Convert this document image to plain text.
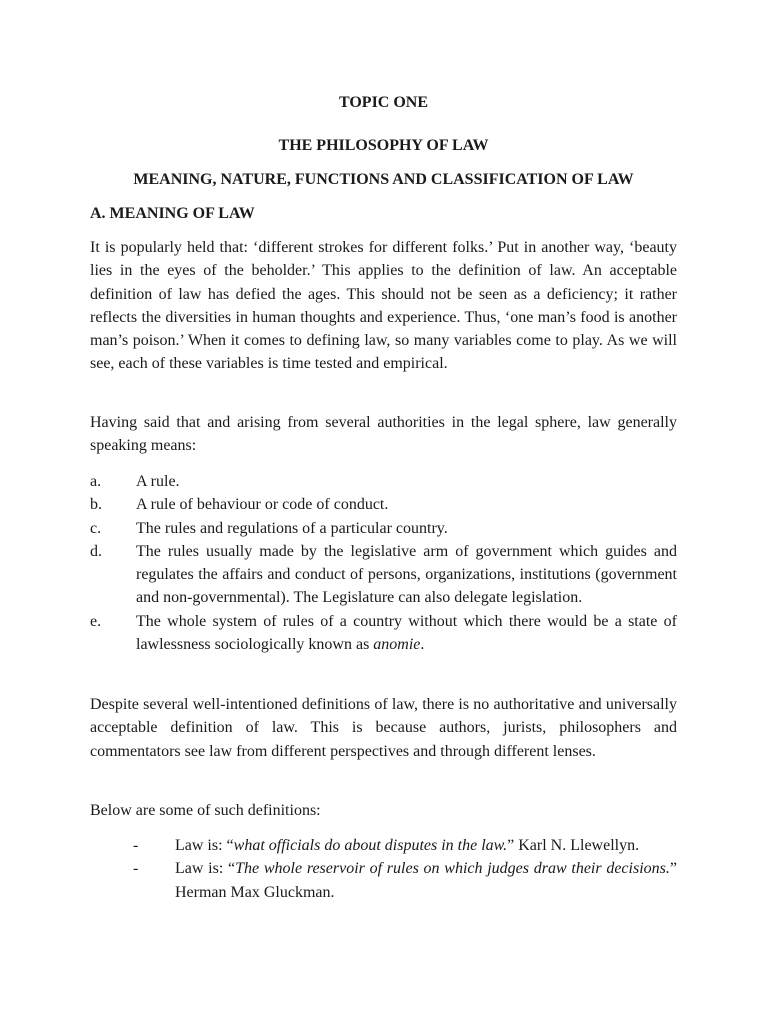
TOPIC ONE
THE PHILOSOPHY OF LAW
MEANING, NATURE, FUNCTIONS AND CLASSIFICATION OF LAW
A. MEANING OF LAW

It is popularly held that: ‘different strokes for different folks.’ Put in another way, ‘beauty lies in the eyes of the beholder.’ This applies to the definition of law. An acceptable definition of law has defied the ages. This should not be seen as a deficiency; it rather reflects the diversities in human thoughts and experience. Thus, ‘one man’s food is another man’s poison.’ When it comes to defining law, so many variables come to play. As we will see, each of these variables is time tested and empirical.

Having said that and arising from several authorities in the legal sphere, law generally speaking means:

a. A rule.
b. A rule of behaviour or code of conduct.
c. The rules and regulations of a particular country.
d. The rules usually made by the legislative arm of government which guides and regulates the affairs and conduct of persons, organizations, institutions (government and non-governmental). The Legislature can also delegate legislation.
e. The whole system of rules of a country without which there would be a state of lawlessness sociologically known as anomie.

Despite several well-intentioned definitions of law, there is no authoritative and universally acceptable definition of law. This is because authors, jurists, philosophers and commentators see law from different perspectives and through different lenses.

Below are some of such definitions:

- Law is: “what officials do about disputes in the law.” Karl N. Llewellyn.
- Law is: “The whole reservoir of rules on which judges draw their decisions.” Herman Max Gluckman.
